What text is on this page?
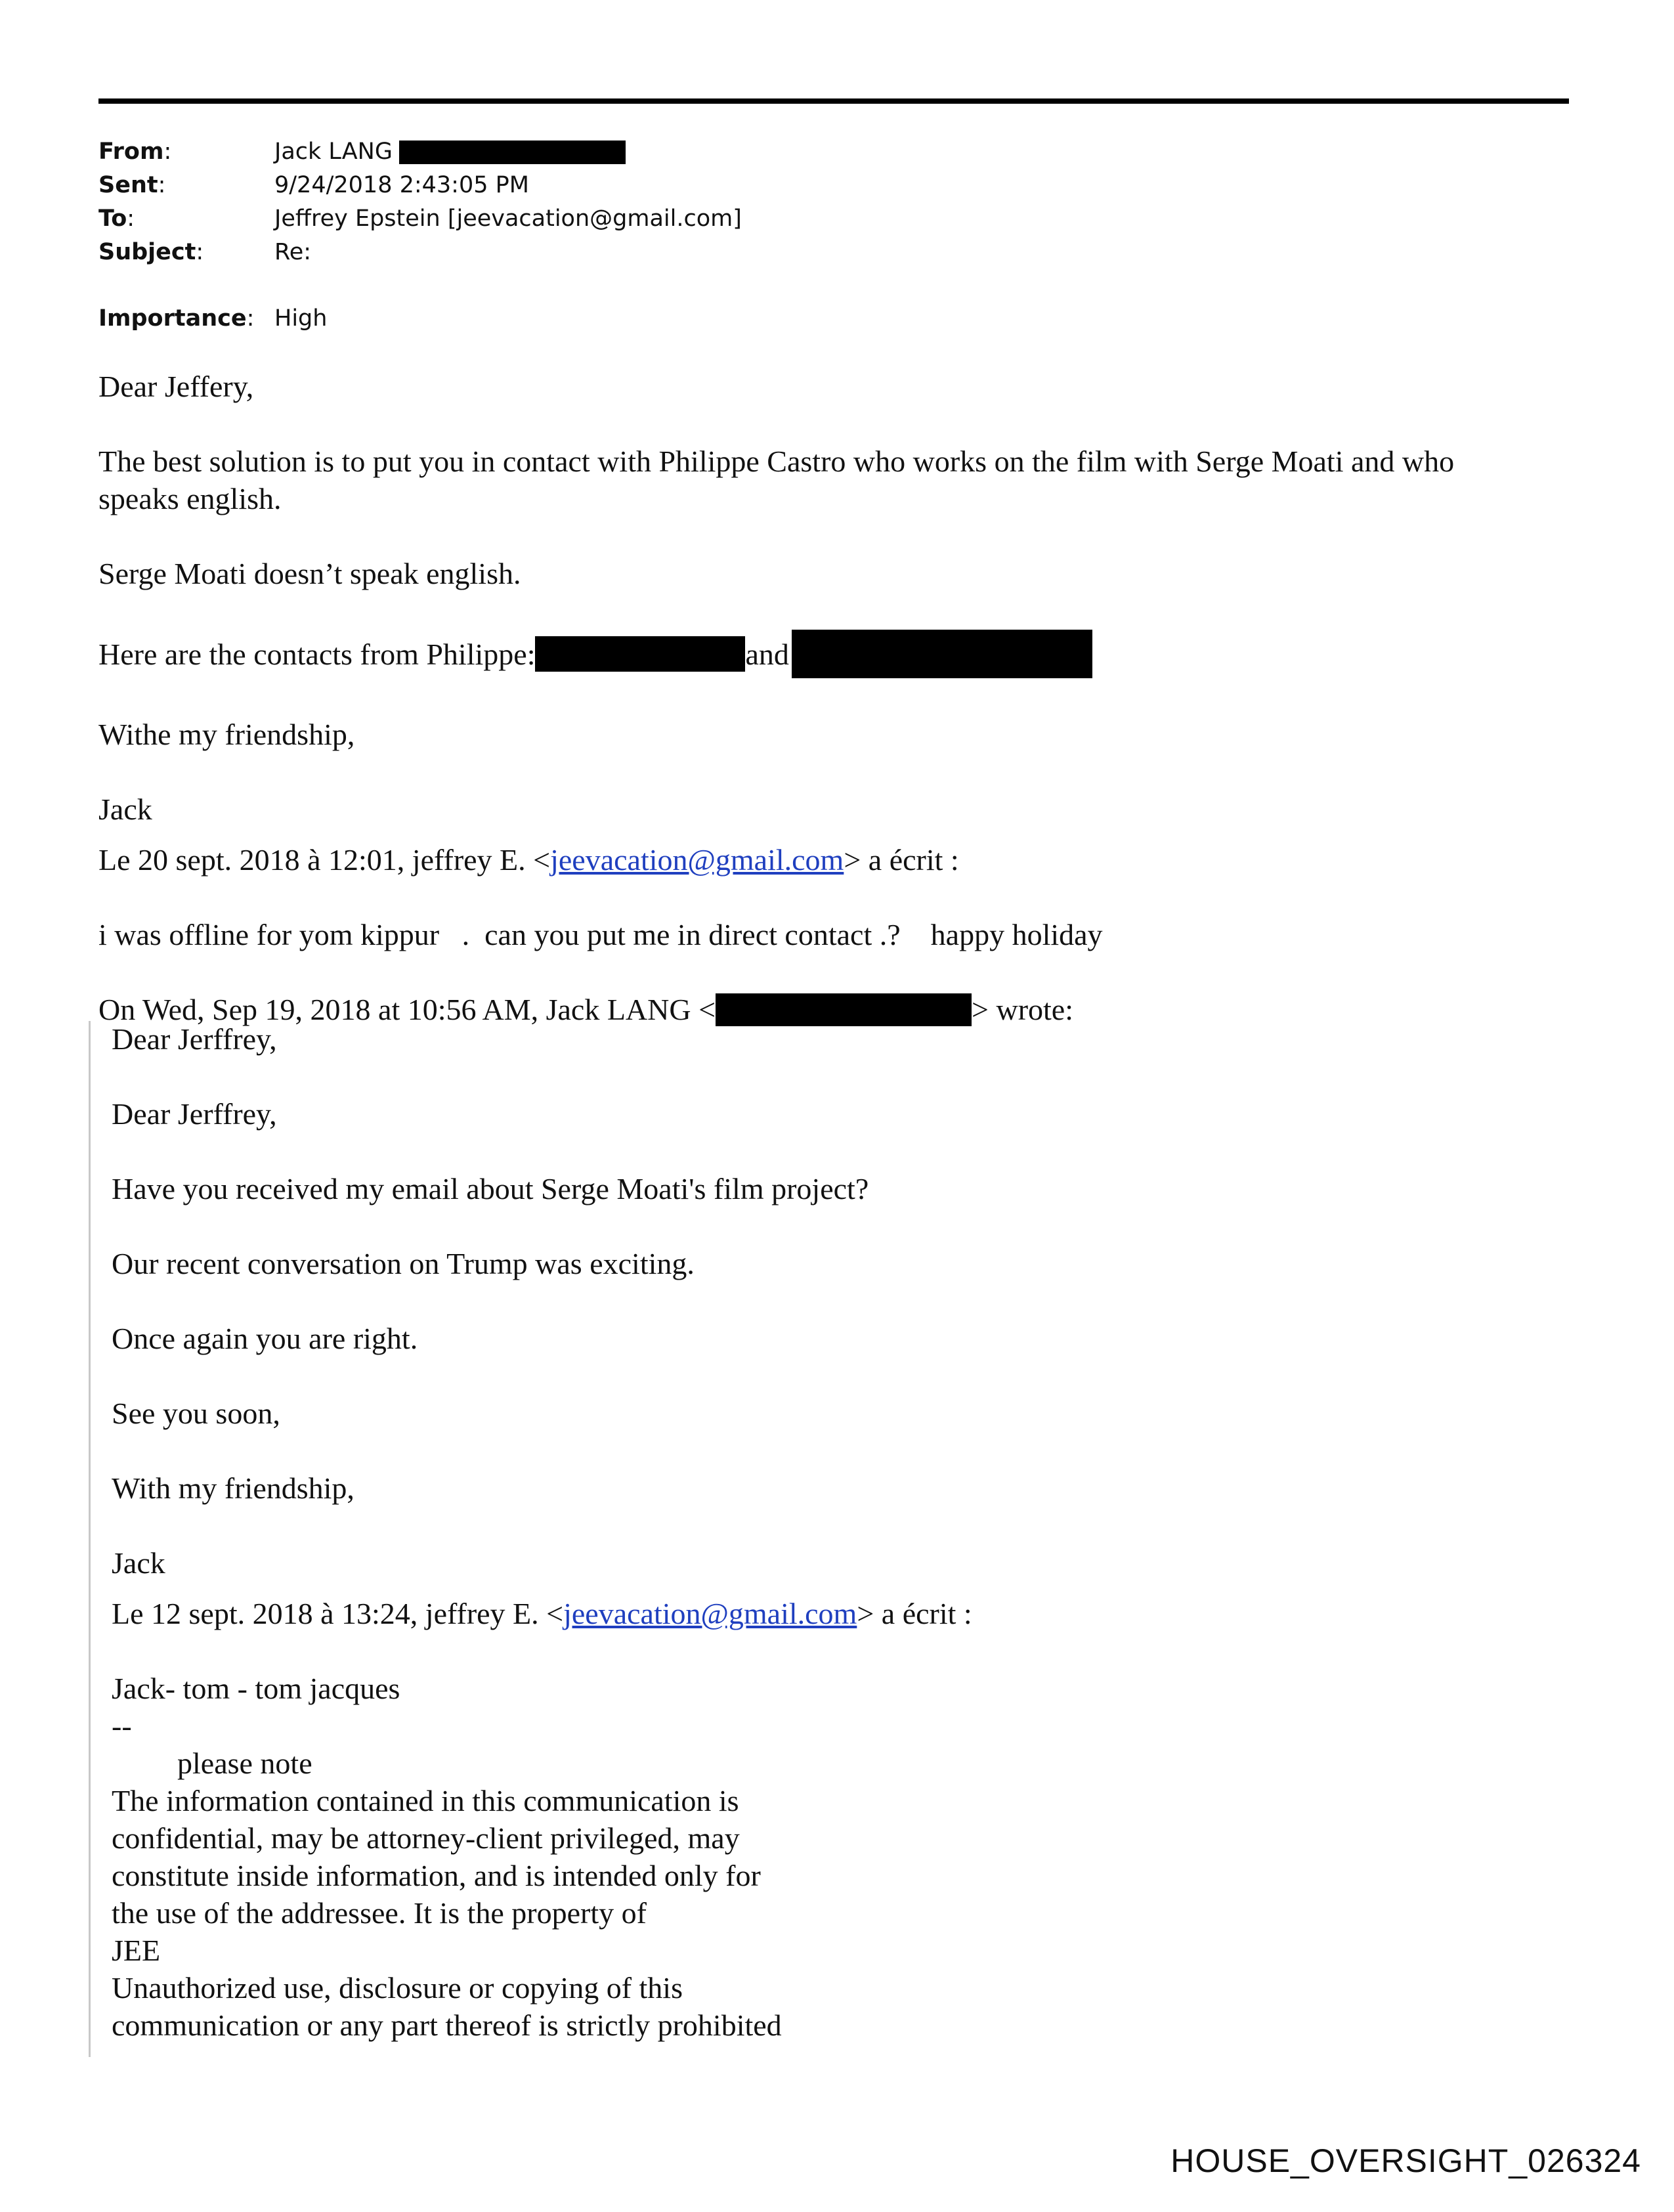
From:	Jack LANG
Sent:	9/24/2018 2:43:05 PM
To:	Jeffrey Epstein [jeevacation@gmail.com]
Subject:	Re:
Importance: High
Dear Jeffery,
The best solution is to put you in contact with Philippe Castro who works on the film with Serge Moati and who
speaks english.
Serge Moati doesn’t speak english.
Here are the contacts from Philippe:	and
Withe my friendship,
Jack
Le 20 sept. 2018 à 12:01, jeffrey E. <jeevacation@gmail.com> a écrit :
i was offline for yom kippur   .  can you put me in direct contact .?    happy holiday
On Wed, Sep 19, 2018 at 10:56 AM, Jack LANG <	> wrote:
Dear Jerffrey,
Dear Jerffrey,
Have you received my email about Serge Moati's film project?
Our recent conversation on Trump was exciting.
Once again you are right.
See you soon,
With my friendship,
Jack
Le 12 sept. 2018 à 13:24, jeffrey E. <jeevacation@gmail.com> a écrit :
Jack- tom - tom jacques
--
please note
The information contained in this communication is
confidential, may be attorney-client privileged, may
constitute inside information, and is intended only for
the use of the addressee. It is the property of
JEE
Unauthorized use, disclosure or copying of this
communication or any part thereof is strictly prohibited
HOUSE_OVERSIGHT_026324
